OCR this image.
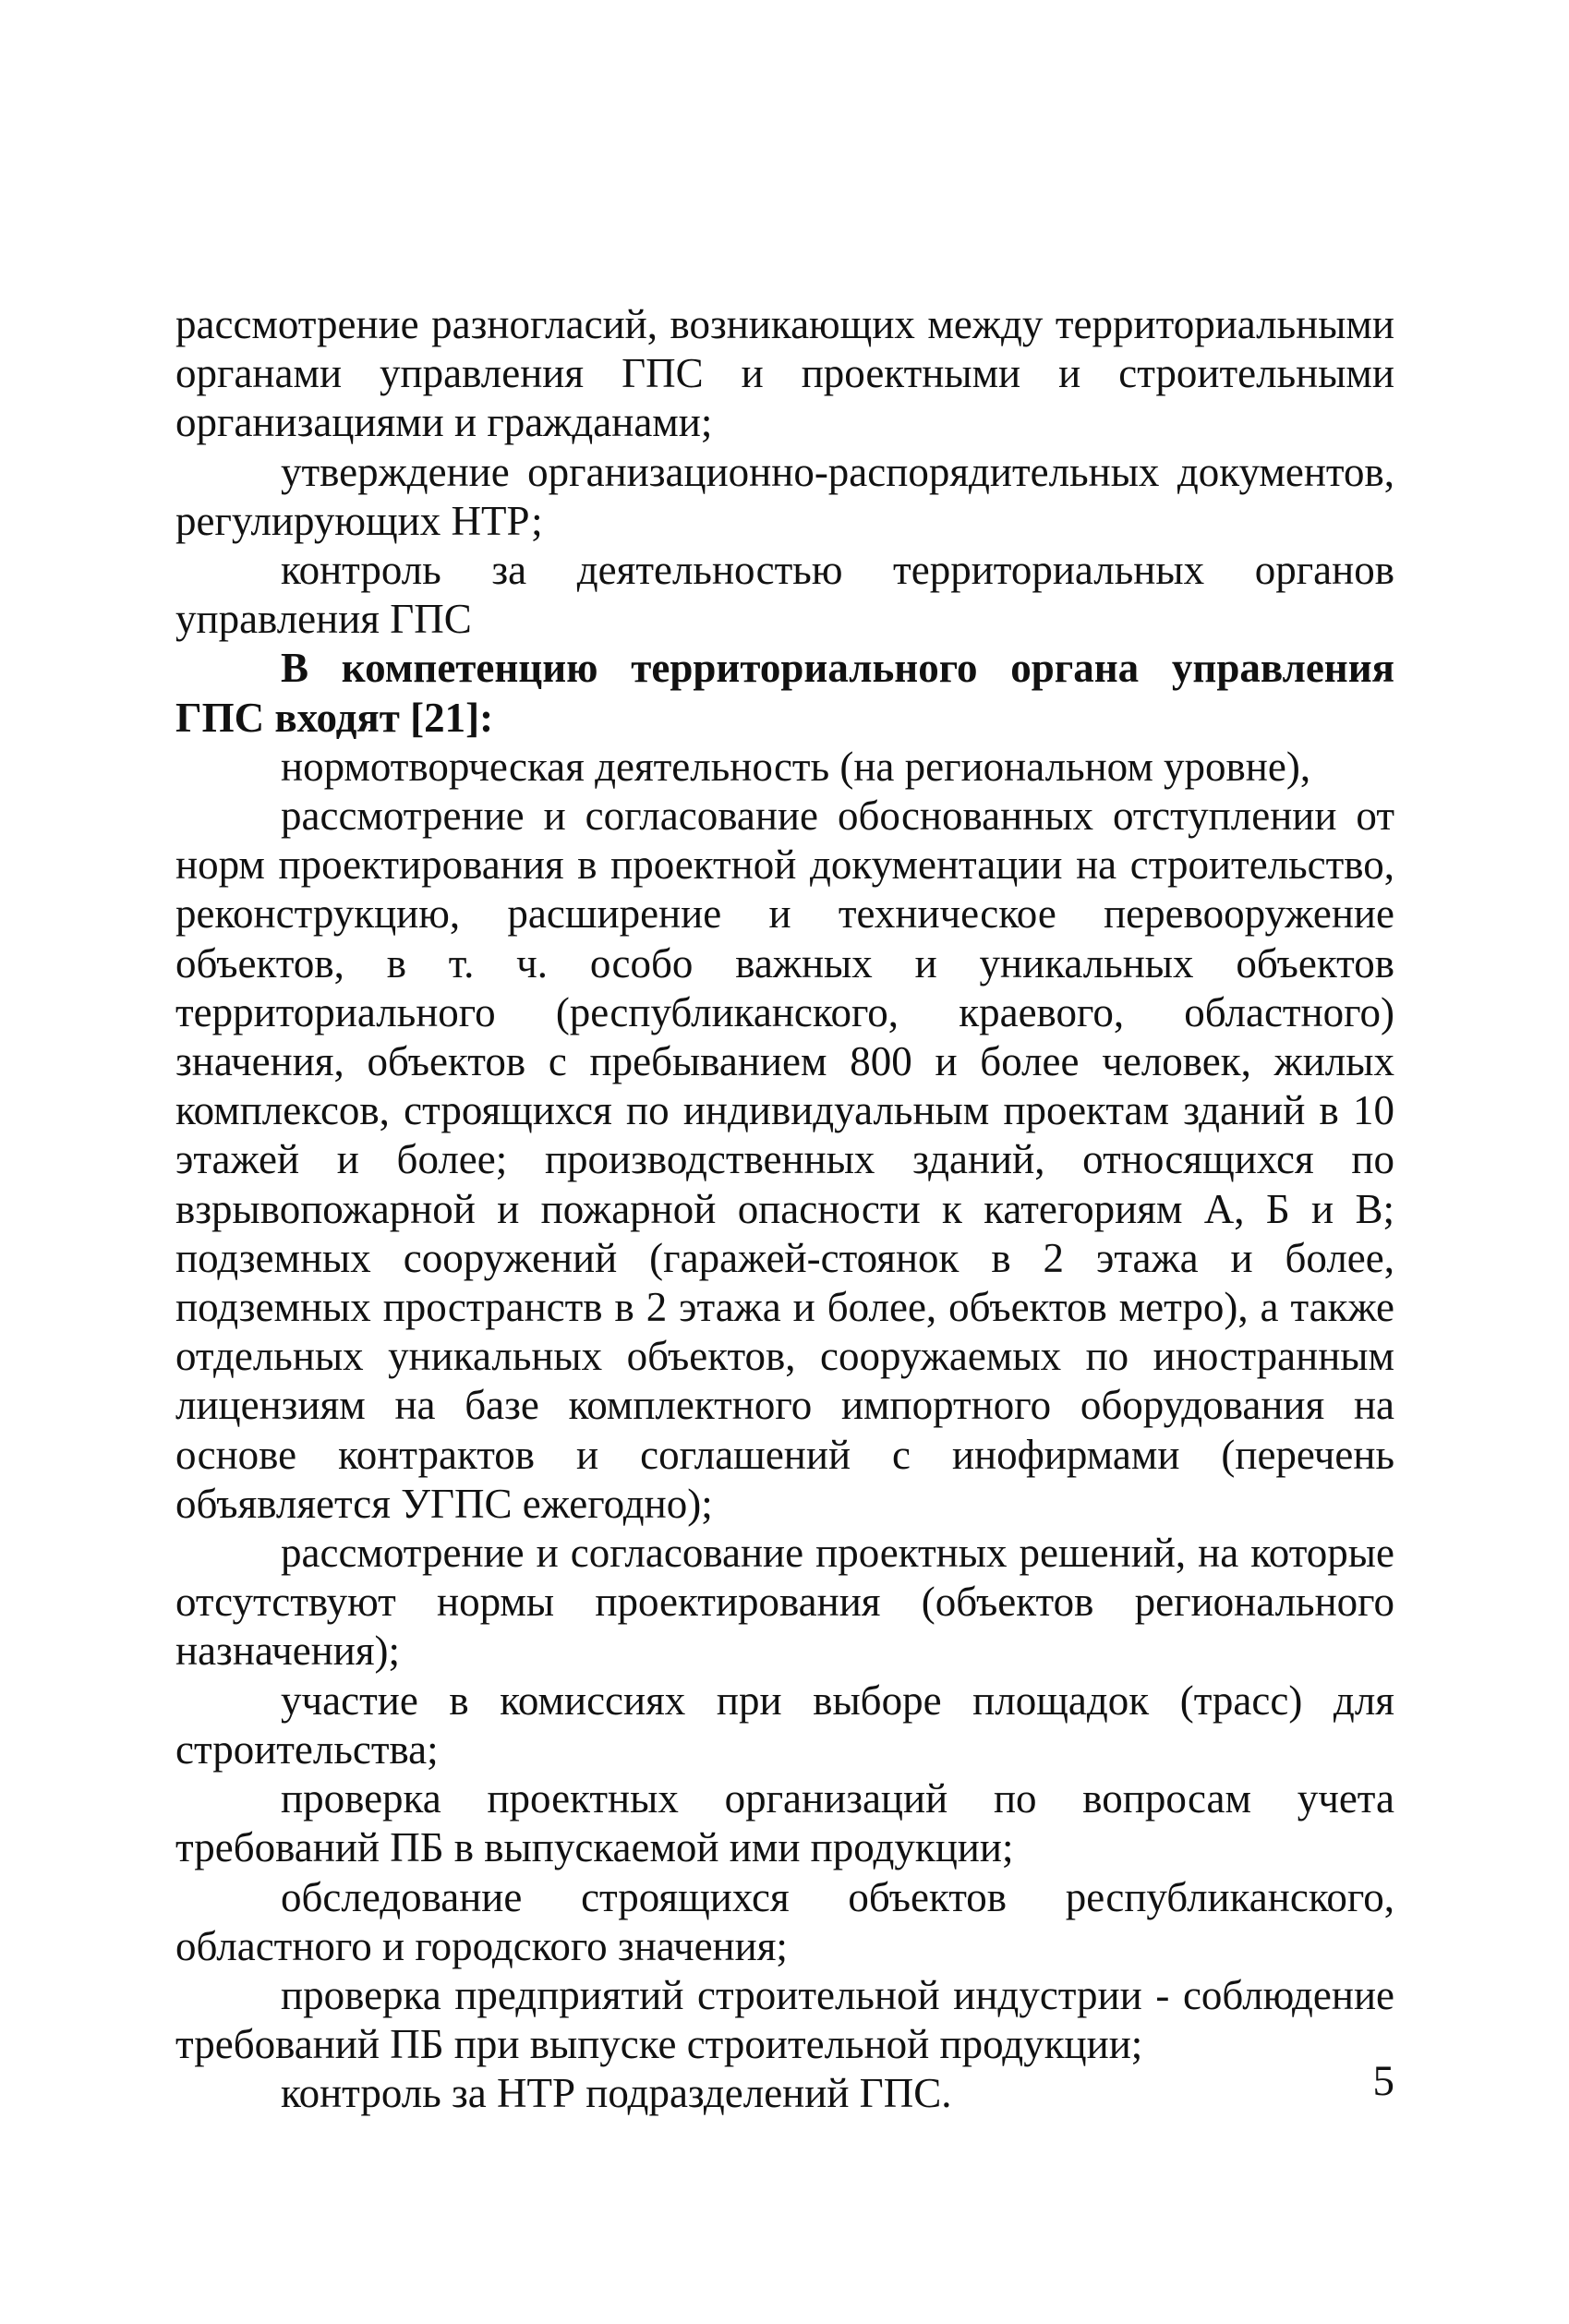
рассмотрение разногласий, возникающих между территориальными органами управления ГПС и проектными и строительными организациями и гражданами;

утверждение организационно-распорядительных документов, регулирующих НТР;

контроль за деятельностью территориальных органов управления ГПС

В компетенцию территориального органа управления ГПС входят [21]:

нормотворческая деятельность (на региональном уровне),

рассмотрение и согласование обоснованных отступлении от норм проектирования в проектной документации на строительство, реконструкцию, расширение и техническое перевооружение объектов, в т. ч. особо важных и уникальных объектов территориального (республиканского, краевого, областного) значения, объектов с пребыванием 800 и более человек, жилых комплексов, строящихся по индивидуальным проектам зданий в 10 этажей и более; производственных зданий, относящихся по взрывопожарной и пожарной опасности к категориям А, Б и В; подземных сооружений (гаражей-стоянок в 2 этажа и более, подземных пространств в 2 этажа и более, объектов метро), а также отдельных уникальных объектов, сооружаемых по иностранным лицензиям на базе комплектного импортного оборудования на основе контрактов и соглашений с инофирмами (перечень объявляется УГПС ежегодно);

рассмотрение и согласование проектных решений, на которые отсутствуют нормы проектирования (объектов регионального назначения);

участие в комиссиях при выборе площадок (трасс) для строительства;

проверка проектных организаций по вопросам учета требований ПБ в выпускаемой ими продукции;

обследование строящихся объектов республиканского, областного и городского значения;

проверка предприятий строительной индустрии - соблюдение требований ПБ при выпуске строительной продукции;

контроль за НТР подразделений ГПС.	5
